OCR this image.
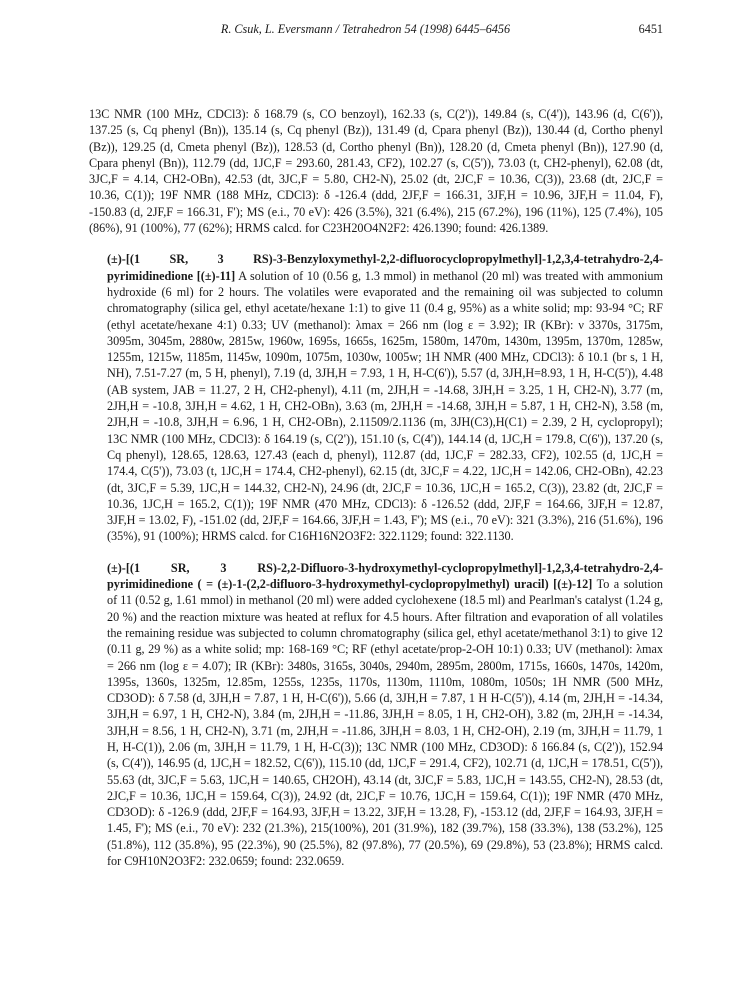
R. Csuk, L. Eversmann / Tetrahedron 54 (1998) 6445–6456	6451

13C NMR (100 MHz, CDCl3): δ 168.79 (s, CO benzoyl), 162.33 (s, C(2')), 149.84 (s, C(4')), 143.96 (d, C(6')), 137.25 (s, Cq phenyl (Bn)), 135.14 (s, Cq phenyl (Bz)), 131.49 (d, Cpara phenyl (Bz)), 130.44 (d, Cortho phenyl (Bz)), 129.25 (d, Cmeta phenyl (Bz)), 128.53 (d, Cortho phenyl (Bn)), 128.20 (d, Cmeta phenyl (Bn)), 127.90 (d, Cpara phenyl (Bn)), 112.79 (dd, 1JC,F = 293.60, 281.43, CF2), 102.27 (s, C(5')), 73.03 (t, CH2-phenyl), 62.08 (dt, 3JC,F = 4.14, CH2-OBn), 42.53 (dt, 3JC,F = 5.80, CH2-N), 25.02 (dt, 2JC,F = 10.36, C(3)), 23.68 (dt, 2JC,F = 10.36, C(1)); 19F NMR (188 MHz, CDCl3): δ -126.4 (ddd, 2JF,F = 166.31, 3JF,H = 10.96, 3JF,H = 11.04, F), -150.83 (d, 2JF,F = 166.31, F'); MS (e.i., 70 eV): 426 (3.5%), 321 (6.4%), 215 (67.2%), 196 (11%), 125 (7.4%), 105 (86%), 91 (100%), 77 (62%); HRMS calcd. for C23H20O4N2F2: 426.1390; found: 426.1389.

(±)-[(1 SR, 3 RS)-3-Benzyloxymethyl-2,2-difluorocyclopropylmethyl]-1,2,3,4-tetrahydro-2,4-pyrimidinedione [(±)-11] A solution of 10 (0.56 g, 1.3 mmol) in methanol (20 ml) was treated with ammonium hydroxide (6 ml) for 2 hours. The volatiles were evaporated and the remaining oil was subjected to column chromatography (silica gel, ethyl acetate/hexane 1:1) to give 11 (0.4 g, 95%) as a white solid; mp: 93-94 °C; RF (ethyl acetate/hexane 4:1) 0.33; UV (methanol): λmax = 266 nm (log ε = 3.92); IR (KBr): ν 3370s, 3175m, 3095m, 3045m, 2880w, 2815w, 1960w, 1695s, 1665s, 1625m, 1580m, 1470m, 1430m, 1395m, 1370m, 1285w, 1255m, 1215w, 1185m, 1145w, 1090m, 1075m, 1030w, 1005w; 1H NMR (400 MHz, CDCl3): δ 10.1 (br s, 1 H, NH), 7.51-7.27 (m, 5 H, phenyl), 7.19 (d, 3JH,H = 7.93, 1 H, H-C(6')), 5.57 (d, 3JH,H=8.93, 1 H, H-C(5')), 4.48 (AB system, JAB = 11.27, 2 H, CH2-phenyl), 4.11 (m, 2JH,H = -14.68, 3JH,H = 3.25, 1 H, CH2-N), 3.77 (m, 2JH,H = -10.8, 3JH,H = 4.62, 1 H, CH2-OBn), 3.63 (m, 2JH,H = -14.68, 3JH,H = 5.87, 1 H, CH2-N), 3.58 (m, 2JH,H = -10.8, 3JH,H = 6.96, 1 H, CH2-OBn), 2.11509/2.1136 (m, 3JH(C3),H(C1) = 2.39, 2 H, cyclopropyl); 13C NMR (100 MHz, CDCl3): δ 164.19 (s, C(2')), 151.10 (s, C(4')), 144.14 (d, 1JC,H = 179.8, C(6')), 137.20 (s, Cq phenyl), 128.65, 128.63, 127.43 (each d, phenyl), 112.87 (dd, 1JC,F = 282.33, CF2), 102.55 (d, 1JC,H = 174.4, C(5')), 73.03 (t, 1JC,H = 174.4, CH2-phenyl), 62.15 (dt, 3JC,F = 4.22, 1JC,H = 142.06, CH2-OBn), 42.23 (dt, 3JC,F = 5.39, 1JC,H = 144.32, CH2-N), 24.96 (dt, 2JC,F = 10.36, 1JC,H = 165.2, C(3)), 23.82 (dt, 2JC,F = 10.36, 1JC,H = 165.2, C(1)); 19F NMR (470 MHz, CDCl3): δ -126.52 (ddd, 2JF,F = 164.66, 3JF,H = 12.87, 3JF,H = 13.02, F), -151.02 (dd, 2JF,F = 164.66, 3JF,H = 1.43, F'); MS (e.i., 70 eV): 321 (3.3%), 216 (51.6%), 196 (35%), 91 (100%); HRMS calcd. for C16H16N2O3F2: 322.1129; found: 322.1130.

(±)-[(1 SR, 3 RS)-2,2-Difluoro-3-hydroxymethyl-cyclopropylmethyl]-1,2,3,4-tetrahydro-2,4-pyrimidinedione ( = (±)-1-(2,2-difluoro-3-hydroxymethyl-cyclopropylmethyl) uracil) [(±)-12] To a solution of 11 (0.52 g, 1.61 mmol) in methanol (20 ml) were added cyclohexene (18.5 ml) and Pearlman's catalyst (1.24 g, 20 %) and the reaction mixture was heated at reflux for 4.5 hours. After filtration and evaporation of all volatiles the remaining residue was subjected to column chromatography (silica gel, ethyl acetate/methanol 3:1) to give 12 (0.11 g, 29 %) as a white solid; mp: 168-169 °C; RF (ethyl acetate/prop-2-OH 10:1) 0.33; UV (methanol): λmax = 266 nm (log ε = 4.07); IR (KBr): 3480s, 3165s, 3040s, 2940m, 2895m, 2800m, 1715s, 1660s, 1470s, 1420m, 1395s, 1360s, 1325m, 12.85m, 1255s, 1235s, 1170s, 1130m, 1110m, 1080m, 1050s; 1H NMR (500 MHz, CD3OD): δ 7.58 (d, 3JH,H = 7.87, 1 H, H-C(6')), 5.66 (d, 3JH,H = 7.87, 1 H H-C(5')), 4.14 (m, 2JH,H = -14.34, 3JH,H = 6.97, 1 H, CH2-N), 3.84 (m, 2JH,H = -11.86, 3JH,H = 8.05, 1 H, CH2-OH), 3.82 (m, 2JH,H = -14.34, 3JH,H = 8.56, 1 H, CH2-N), 3.71 (m, 2JH,H = -11.86, 3JH,H = 8.03, 1 H, CH2-OH), 2.19 (m, 3JH,H = 11.79, 1 H, H-C(1)), 2.06 (m, 3JH,H = 11.79, 1 H, H-C(3)); 13C NMR (100 MHz, CD3OD): δ 166.84 (s, C(2')), 152.94 (s, C(4')), 146.95 (d, 1JC,H = 182.52, C(6')), 115.10 (dd, 1JC,F = 291.4, CF2), 102.71 (d, 1JC,H = 178.51, C(5')), 55.63 (dt, 3JC,F = 5.63, 1JC,H = 140.65, CH2OH), 43.14 (dt, 3JC,F = 5.83, 1JC,H = 143.55, CH2-N), 28.53 (dt, 2JC,F = 10.36, 1JC,H = 159.64, C(3)), 24.92 (dt, 2JC,F = 10.76, 1JC,H = 159.64, C(1)); 19F NMR (470 MHz, CD3OD): δ -126.9 (ddd, 2JF,F = 164.93, 3JF,H = 13.22, 3JF,H = 13.28, F), -153.12 (dd, 2JF,F = 164.93, 3JF,H = 1.45, F'); MS (e.i., 70 eV): 232 (21.3%), 215(100%), 201 (31.9%), 182 (39.7%), 158 (33.3%), 138 (53.2%), 125 (51.8%), 112 (35.8%), 95 (22.3%), 90 (25.5%), 82 (97.8%), 77 (20.5%), 69 (29.8%), 53 (23.8%); HRMS calcd. for C9H10N2O3F2: 232.0659; found: 232.0659.
